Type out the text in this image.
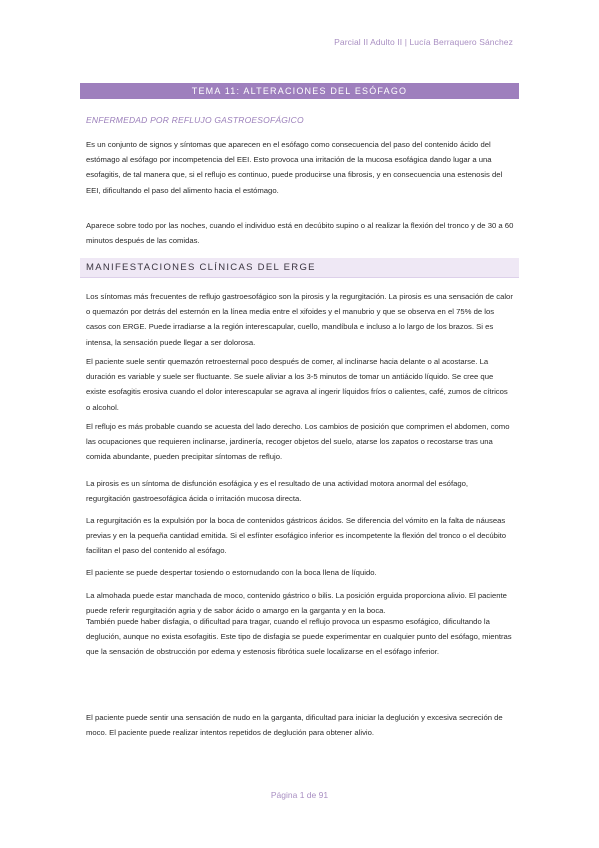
Parcial II Adulto II | Lucía Berraquero Sánchez
TEMA 11: ALTERACIONES DEL ESÓFAGO
ENFERMEDAD POR REFLUJO GASTROESOFÁGICO

Es un conjunto de signos y síntomas que aparecen en el esófago como consecuencia del paso del contenido ácido del estómago al esófago por incompetencia del EEI. Esto provoca una irritación de la mucosa esofágica dando lugar a una esofagitis, de tal manera que, si el reflujo es continuo, puede producirse una fibrosis, y en consecuencia una estenosis del EEI, dificultando el paso del alimento hacia el estómago.

Aparece sobre todo por las noches, cuando el individuo está en decúbito supino o al realizar la flexión del tronco y de 30 a 60 minutos después de las comidas.

MANIFESTACIONES CLÍNICAS DEL ERGE

Los síntomas más frecuentes de reflujo gastroesofágico son la pirosis y la regurgitación. La pirosis es una sensación de calor o quemazón por detrás del esternón en la línea media entre el xifoides y el manubrio y que se observa en el 75% de los casos con ERGE. Puede irradiarse a la región interescapular, cuello, mandíbula e incluso a lo largo de los brazos. Si es intensa, la sensación puede llegar a ser dolorosa.

El paciente suele sentir quemazón retroesternal poco después de comer, al inclinarse hacia delante o al acostarse. La duración es variable y suele ser fluctuante. Se suele aliviar a los 3-5 minutos de tomar un antiácido líquido. Se cree que existe esofagitis erosiva cuando el dolor interescapular se agrava al ingerir líquidos fríos o calientes, café, zumos de cítricos o alcohol.

El reflujo es más probable cuando se acuesta del lado derecho. Los cambios de posición que comprimen el abdomen, como las ocupaciones que requieren inclinarse, jardinería, recoger objetos del suelo, atarse los zapatos o recostarse tras una comida abundante, pueden precipitar síntomas de reflujo.

La pirosis es un síntoma de disfunción esofágica y es el resultado de una actividad motora anormal del esófago, regurgitación gastroesofágica ácida o irritación mucosa directa.

La regurgitación es la expulsión por la boca de contenidos gástricos ácidos. Se diferencia del vómito en la falta de náuseas previas y en la pequeña cantidad emitida. Si el esfínter esofágico inferior es incompetente la flexión del tronco o el decúbito facilitan el paso del contenido al esófago.

El paciente se puede despertar tosiendo o estornudando con la boca llena de líquido.

La almohada puede estar manchada de moco, contenido gástrico o bilis. La posición erguida proporciona alivio. El paciente puede referir regurgitación agria y de sabor ácido o amargo en la garganta y en la boca.

También puede haber disfagia, o dificultad para tragar, cuando el reflujo provoca un espasmo esofágico, dificultando la deglución, aunque no exista esofagitis. Este tipo de disfagia se puede experimentar en cualquier punto del esófago, mientras que la sensación de obstrucción por edema y estenosis fibrótica suele localizarse en el esófago inferior.

El paciente puede sentir una sensación de nudo en la garganta, dificultad para iniciar la deglución y excesiva secreción de moco. El paciente puede realizar intentos repetidos de deglución para obtener alivio.

Página 1 de 91
